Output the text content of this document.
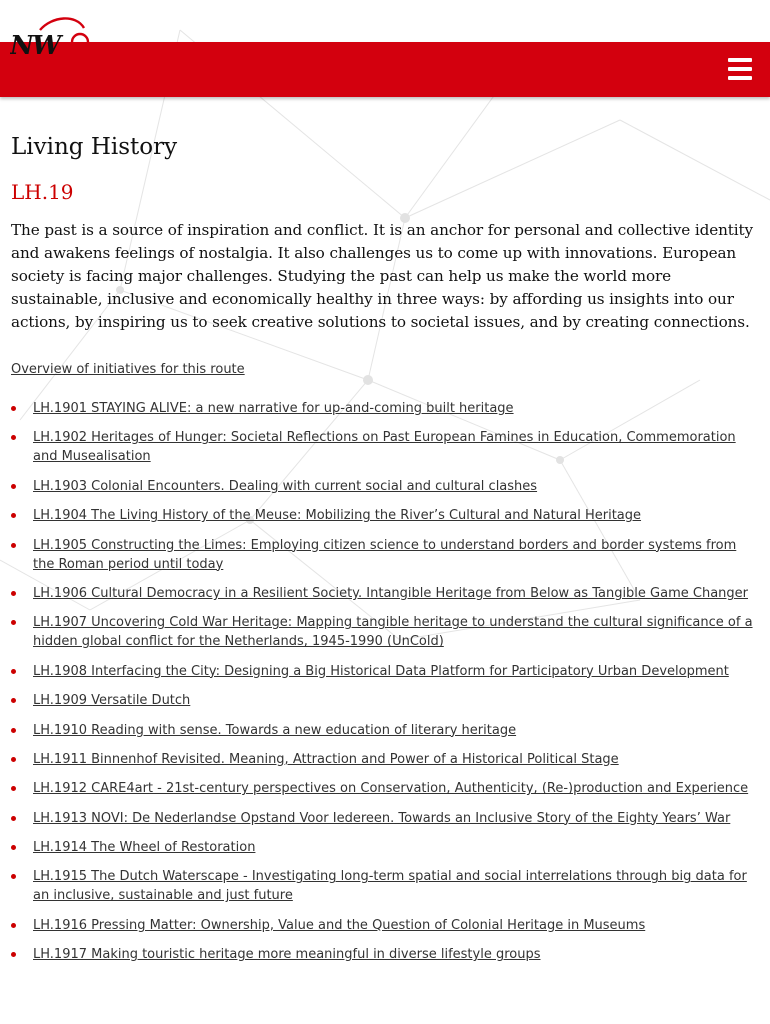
N
W
Living History
LH.19

The past is a source of inspiration and conflict. It is an anchor for personal and collective identity and awakens feelings of nostalgia. It also challenges us to come up with innovations. European society is facing major challenges. Studying the past can help us make the world more sustainable, inclusive and economically healthy in three ways: by affording us insights into our actions, by inspiring us to seek creative solutions to societal issues, and by creating connections.

Overview of initiatives for this route
LH.1901 STAYING ALIVE: a new narrative for up-and-coming built heritage
LH.1902 Heritages of Hunger: Societal Reflections on Past European Famines in Education, Commemoration and Musealisation
LH.1903 Colonial Encounters. Dealing with current social and cultural clashes
LH.1904 The Living History of the Meuse: Mobilizing the River’s Cultural and Natural Heritage
LH.1905 Constructing the Limes: Employing citizen science to understand borders and border systems from the Roman period until today
LH.1906 Cultural Democracy in a Resilient Society. Intangible Heritage from Below as Tangible Game Changer
LH.1907 Uncovering Cold War Heritage: Mapping tangible heritage to understand the cultural significance of a hidden global conflict for the Netherlands, 1945-1990 (UnCold)
LH.1908 Interfacing the City: Designing a Big Historical Data Platform for Participatory Urban Development
LH.1909 Versatile Dutch
LH.1910 Reading with sense. Towards a new education of literary heritage
LH.1911 Binnenhof Revisited. Meaning, Attraction and Power of a Historical Political Stage
LH.1912 CARE4art - 21st-century perspectives on Conservation, Authenticity, (Re-)production and Experience
LH.1913 NOVI: De Nederlandse Opstand Voor Iedereen. Towards an Inclusive Story of the Eighty Years’ War
LH.1914 The Wheel of Restoration
LH.1915 The Dutch Waterscape - Investigating long-term spatial and social interrelations through big data for an inclusive, sustainable and just future
LH.1916 Pressing Matter: Ownership, Value and the Question of Colonial Heritage in Museums
LH.1917 Making touristic heritage more meaningful in diverse lifestyle groups
